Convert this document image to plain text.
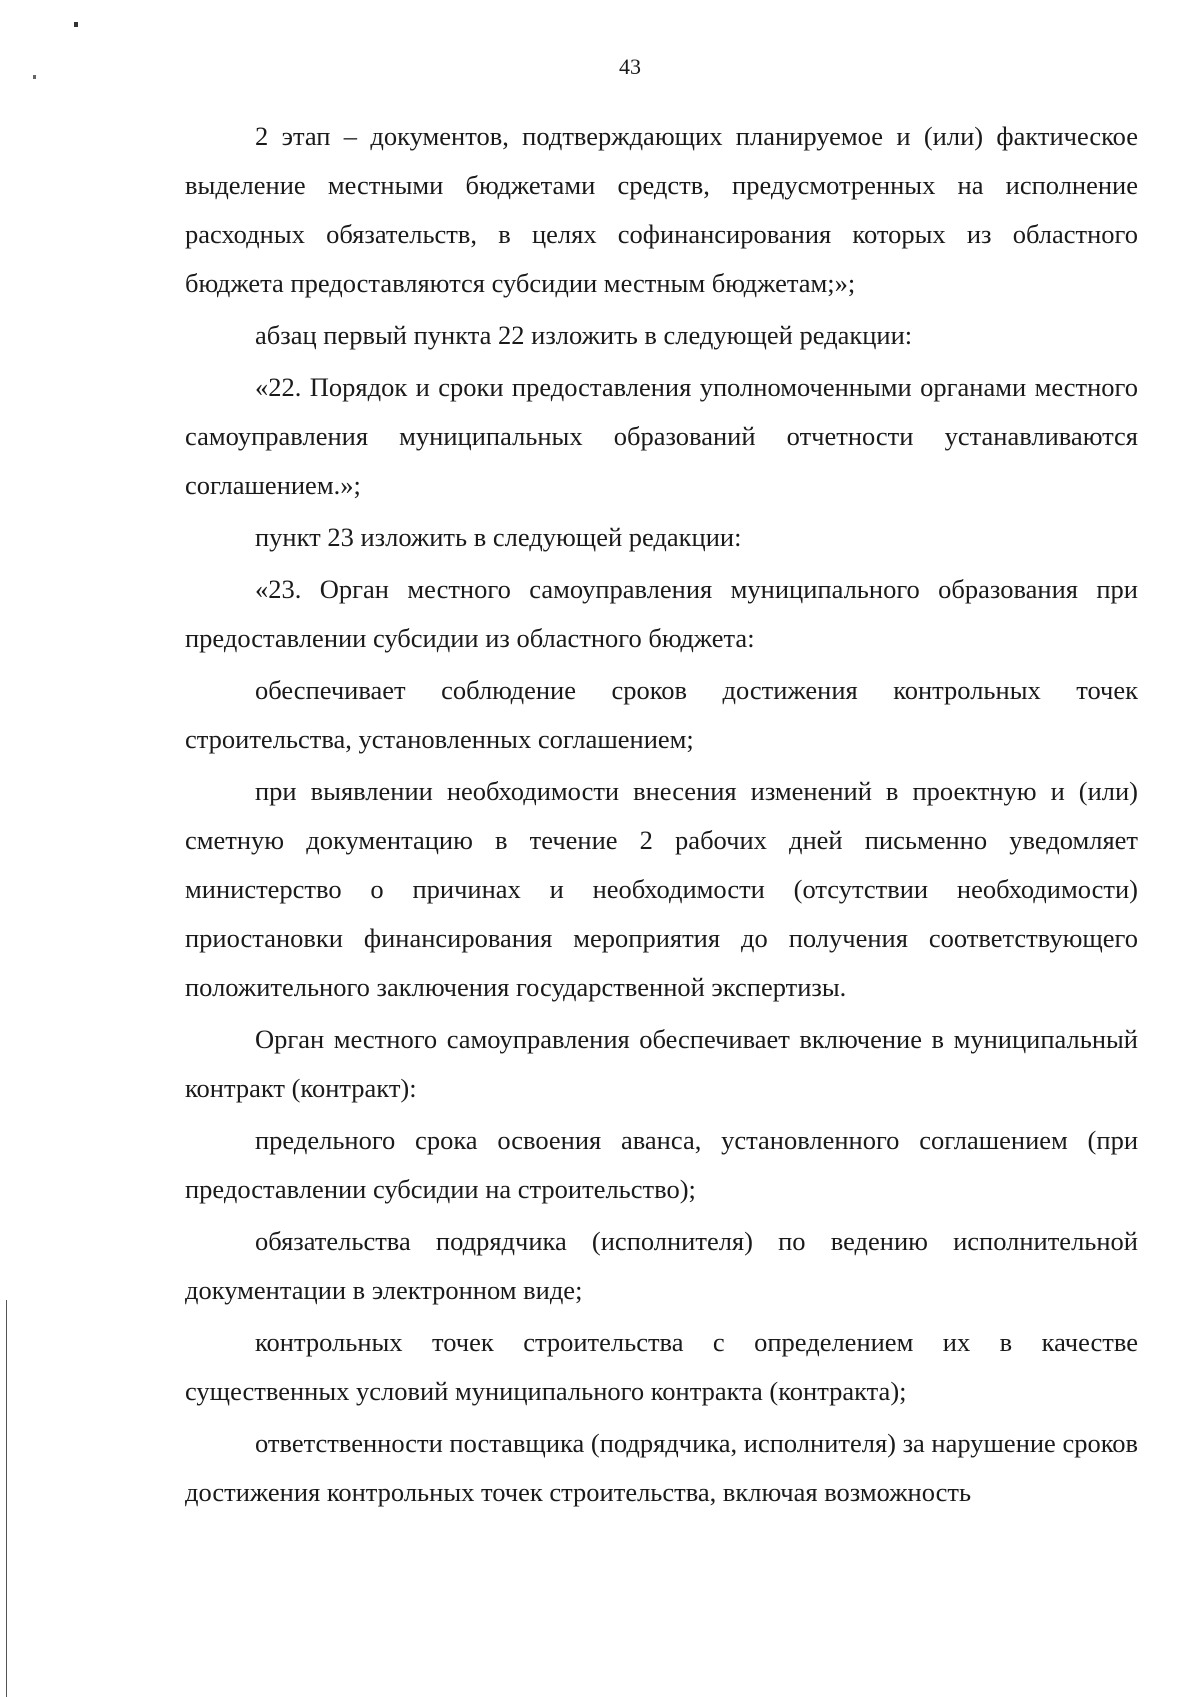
43

2 этап – документов, подтверждающих планируемое и (или) фактическое выделение местными бюджетами средств, предусмотренных на исполнение расходных обязательств, в целях софинансирования которых из областного бюджета предоставляются субсидии местным бюджетам;»;

абзац первый пункта 22 изложить в следующей редакции:

«22. Порядок и сроки предоставления уполномоченными органами местного самоуправления муниципальных образований отчетности устанавливаются соглашением.»;

пункт 23 изложить в следующей редакции:

«23. Орган местного самоуправления муниципального образования при предоставлении субсидии из областного бюджета:

обеспечивает соблюдение сроков достижения контрольных точек строительства, установленных соглашением;

при выявлении необходимости внесения изменений в проектную и (или) сметную документацию в течение 2 рабочих дней письменно уведомляет министерство о причинах и необходимости (отсутствии необходимости) приостановки финансирования мероприятия до получения соответствующего положительного заключения государственной экспертизы.

Орган местного самоуправления обеспечивает включение в муниципальный контракт (контракт):

предельного срока освоения аванса, установленного соглашением (при предоставлении субсидии на строительство);

обязательства подрядчика (исполнителя) по ведению исполнительной документации в электронном виде;

контрольных точек строительства с определением их в качестве существенных условий муниципального контракта (контракта);

ответственности поставщика (подрядчика, исполнителя) за нарушение сроков достижения контрольных точек строительства, включая возможность
